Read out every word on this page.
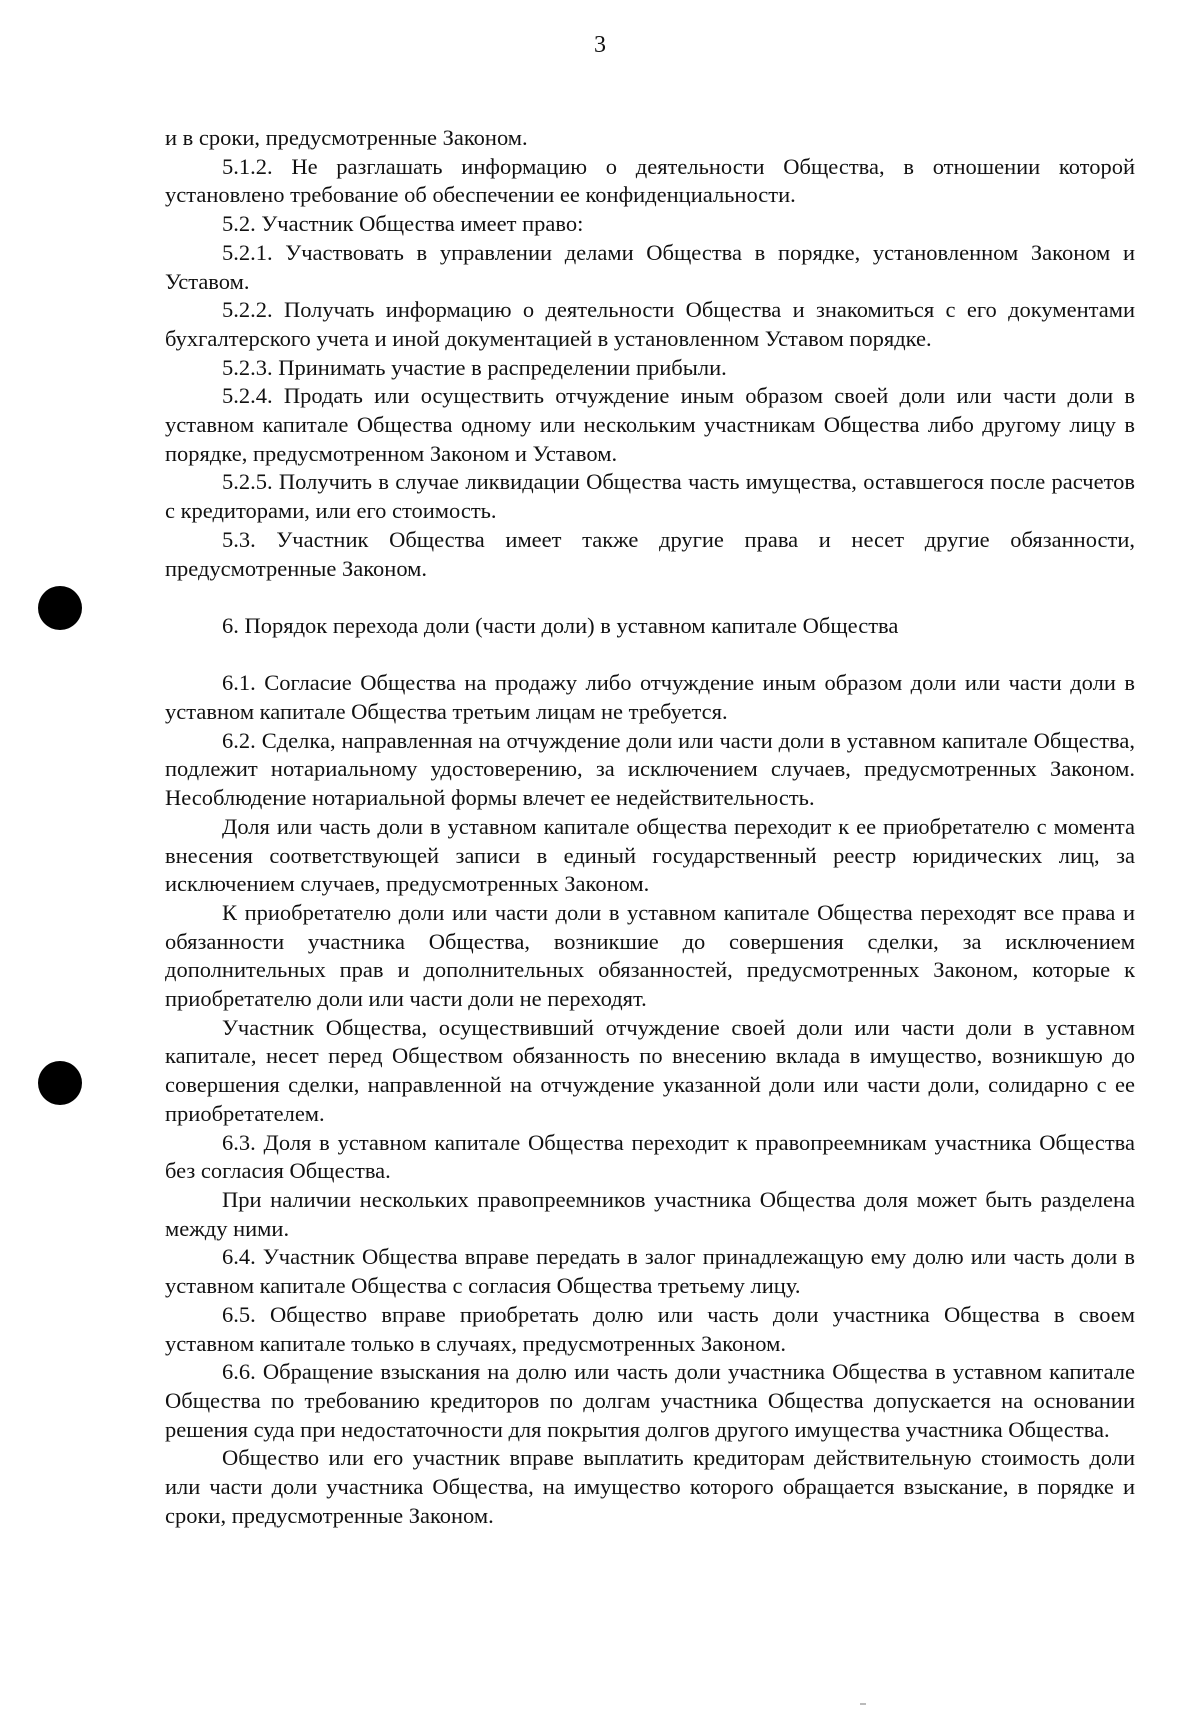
3

и в сроки, предусмотренные Законом.

5.1.2. Не разглашать информацию о деятельности Общества, в отношении которой установлено требование об обеспечении ее конфиденциальности.

5.2. Участник Общества имеет право:

5.2.1. Участвовать в управлении делами Общества в порядке, установленном Законом и Уставом.

5.2.2. Получать информацию о деятельности Общества и знакомиться с его документами бухгалтерского учета и иной документацией в установленном Уставом порядке.

5.2.3. Принимать участие в распределении прибыли.

5.2.4. Продать или осуществить отчуждение иным образом своей доли или части доли в уставном капитале Общества одному или нескольким участникам Общества либо другому лицу в порядке, предусмотренном Законом и Уставом.

5.2.5. Получить в случае ликвидации Общества часть имущества, оставшегося после расчетов с кредиторами, или его стоимость.

5.3. Участник Общества имеет также другие права и несет другие обязанности, предусмотренные Законом.

6. Порядок перехода доли (части доли) в уставном капитале Общества

6.1. Согласие Общества на продажу либо отчуждение иным образом доли или части доли в уставном капитале Общества третьим лицам не требуется.

6.2. Сделка, направленная на отчуждение доли или части доли в уставном капитале Общества, подлежит нотариальному удостоверению, за исключением случаев, предусмотренных Законом. Несоблюдение нотариальной формы влечет ее недействительность.

Доля или часть доли в уставном капитале общества переходит к ее приобретателю с момента внесения соответствующей записи в единый государственный реестр юридических лиц, за исключением случаев, предусмотренных Законом.

К приобретателю доли или части доли в уставном капитале Общества переходят все права и обязанности участника Общества, возникшие до совершения сделки, за исключением дополнительных прав и дополнительных обязанностей, предусмотренных Законом, которые к приобретателю доли или части доли не переходят.

Участник Общества, осуществивший отчуждение своей доли или части доли в уставном капитале, несет перед Обществом обязанность по внесению вклада в имущество, возникшую до совершения сделки, направленной на отчуждение указанной доли или части доли, солидарно с ее приобретателем.

6.3. Доля в уставном капитале Общества переходит к правопреемникам участника Общества без согласия Общества.

При наличии нескольких правопреемников участника Общества доля может быть разделена между ними.

6.4. Участник Общества вправе передать в залог принадлежащую ему долю или часть доли в уставном капитале Общества с согласия Общества третьему лицу.

6.5. Общество вправе приобретать долю или часть доли участника Общества в своем уставном капитале только в случаях, предусмотренных Законом.

6.6. Обращение взыскания на долю или часть доли участника Общества в уставном капитале Общества по требованию кредиторов по долгам участника Общества допускается на основании решения суда при недостаточности для покрытия долгов другого имущества участника Общества.

Общество или его участник вправе выплатить кредиторам действительную стоимость доли или части доли участника Общества, на имущество которого обращается взыскание, в порядке и сроки, предусмотренные Законом.
